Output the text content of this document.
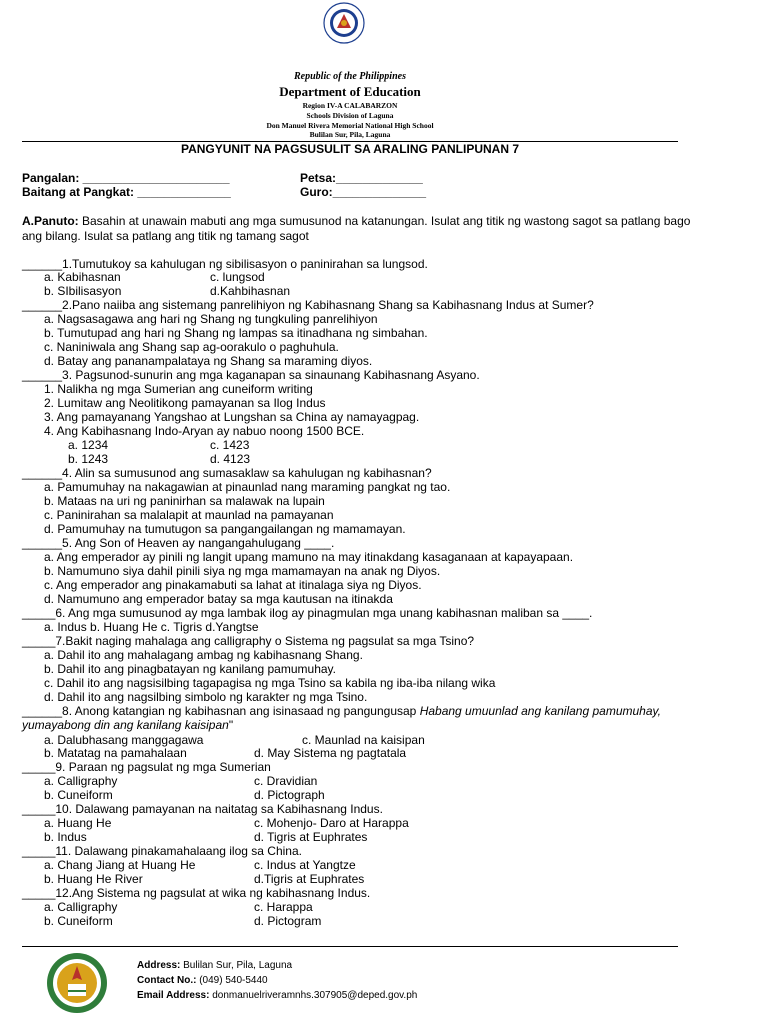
Republic of the Philippines
Department of Education
Region IV-A CALABARZON
Schools Division of Laguna
Don Manuel Rivera Memorial National High School
Bulilan Sur, Pila, Laguna
PANGYUNIT NA PAGSUSULIT SA ARALING PANLIPUNAN 7
Pangalan: ______________________	Petsa:_____________
Baitang at Pangkat: ______________	Guro:______________
A.Panuto: Basahin at unawain mabuti ang mga sumusunod na katanungan. Isulat ang titik ng wastong sagot sa patlang bago ang bilang. Isulat sa patlang ang titik ng tamang sagot
______1.Tumutukoy sa kahulugan ng sibilisasyon o paninirahan sa lungsod.
a. Kabihasnan	c. lungsod
b. SIbilisasyon	d.Kahbihasnan
______2.Pano naiiba ang sistemang panrelihiyon ng Kabihasnang Shang sa Kabihasnang Indus at Sumer?
a. Nagsasagawa ang hari ng Shang ng tungkuling panrelihiyon
b. Tumutupad ang hari ng Shang ng lampas sa itinadhana ng simbahan.
c. Naniniwala ang Shang sap ag-oorakulo o paghuhula.
d. Batay ang pananampalataya ng Shang sa maraming diyos.
______3. Pagsunod-sunurin ang mga kaganapan sa sinaunang Kabihasnang Asyano.
1. Nalikha ng mga Sumerian ang cuneiform writing
2. Lumitaw ang Neolitikong pamayanan sa Ilog Indus
3. Ang pamayanang Yangshao at Lungshan sa China ay namayagpag.
4. Ang Kabihasnang Indo-Aryan ay nabuo noong 1500 BCE.
a. 1234	c. 1423
b. 1243	d. 4123
______4. Alin sa sumusunod ang sumasaklaw sa kahulugan ng kabihasnan?
a. Pamumuhay na nakagawian at pinaunlad nang maraming pangkat ng tao.
b. Mataas na uri ng paninirhan sa malawak na lupain
c. Paninirahan sa malalapit at maunlad na pamayanan
d. Pamumuhay na tumutugon sa pangangailangan ng mamamayan.
______5. Ang Son of Heaven ay nangangahulugang ____.
a. Ang emperador ay pinili ng langit upang mamuno na may itinakdang kasaganaan at kapayapaan.
b. Namumuno siya dahil pinili siya ng mga mamamayan na anak ng Diyos.
c. Ang emperador ang pinakamabuti sa lahat at itinalaga siya ng Diyos.
d. Namumuno ang emperador batay sa mga kautusan na itinakda
_____6. Ang mga sumusunod ay mga lambak ilog ay pinagmulan mga unang kabihasnan maliban sa ____.
a. Indus b. Huang He c. Tigris d.Yangtse
_____7.Bakit naging mahalaga ang calligraphy o Sistema ng pagsulat sa mga Tsino?
a. Dahil ito ang mahalagang ambag ng kabihasnang Shang.
b. Dahil ito ang pinagbatayan ng kanilang pamumuhay.
c. Dahil ito ang nagsisilbing tagapagisa ng mga Tsino sa kabila ng iba-iba nilang wika
d. Dahil ito ang nagsilbing simbolo ng karakter ng mga Tsino.
______8. Anong katangian ng kabihasnan ang isinasaad ng pangungusap Habang umuunlad ang kanilang pamumuhay,
yumayabong din ang kanilang kaisipan"
a. Dalubhasang manggagawa	c. Maunlad na kaisipan
b. Matatag na pamahalaan	d. May Sistema ng pagtatala
_____9. Paraan ng pagsulat ng mga Sumerian
a. Calligraphy	c. Dravidian
b. Cuneiform	d. Pictograph
_____10. Dalawang pamayanan na naitatag sa Kabihasnang Indus.
a. Huang He	c. Mohenjo- Daro at Harappa
b. Indus	d. Tigris at Euphrates
_____11. Dalawang pinakamahalaang ilog sa China.
a. Chang Jiang at Huang He	c. Indus at Yangtze
b. Huang He River	d.Tigris at Euphrates
_____12.Ang Sistema ng pagsulat at wika ng kabihasnang Indus.
a. Calligraphy	c. Harappa
b. Cuneiform	d. Pictogram
Address: Bulilan Sur, Pila, Laguna
Contact No.: (049) 540-5440
Email Address: donmanuelriveramnhs.307905@deped.gov.ph
